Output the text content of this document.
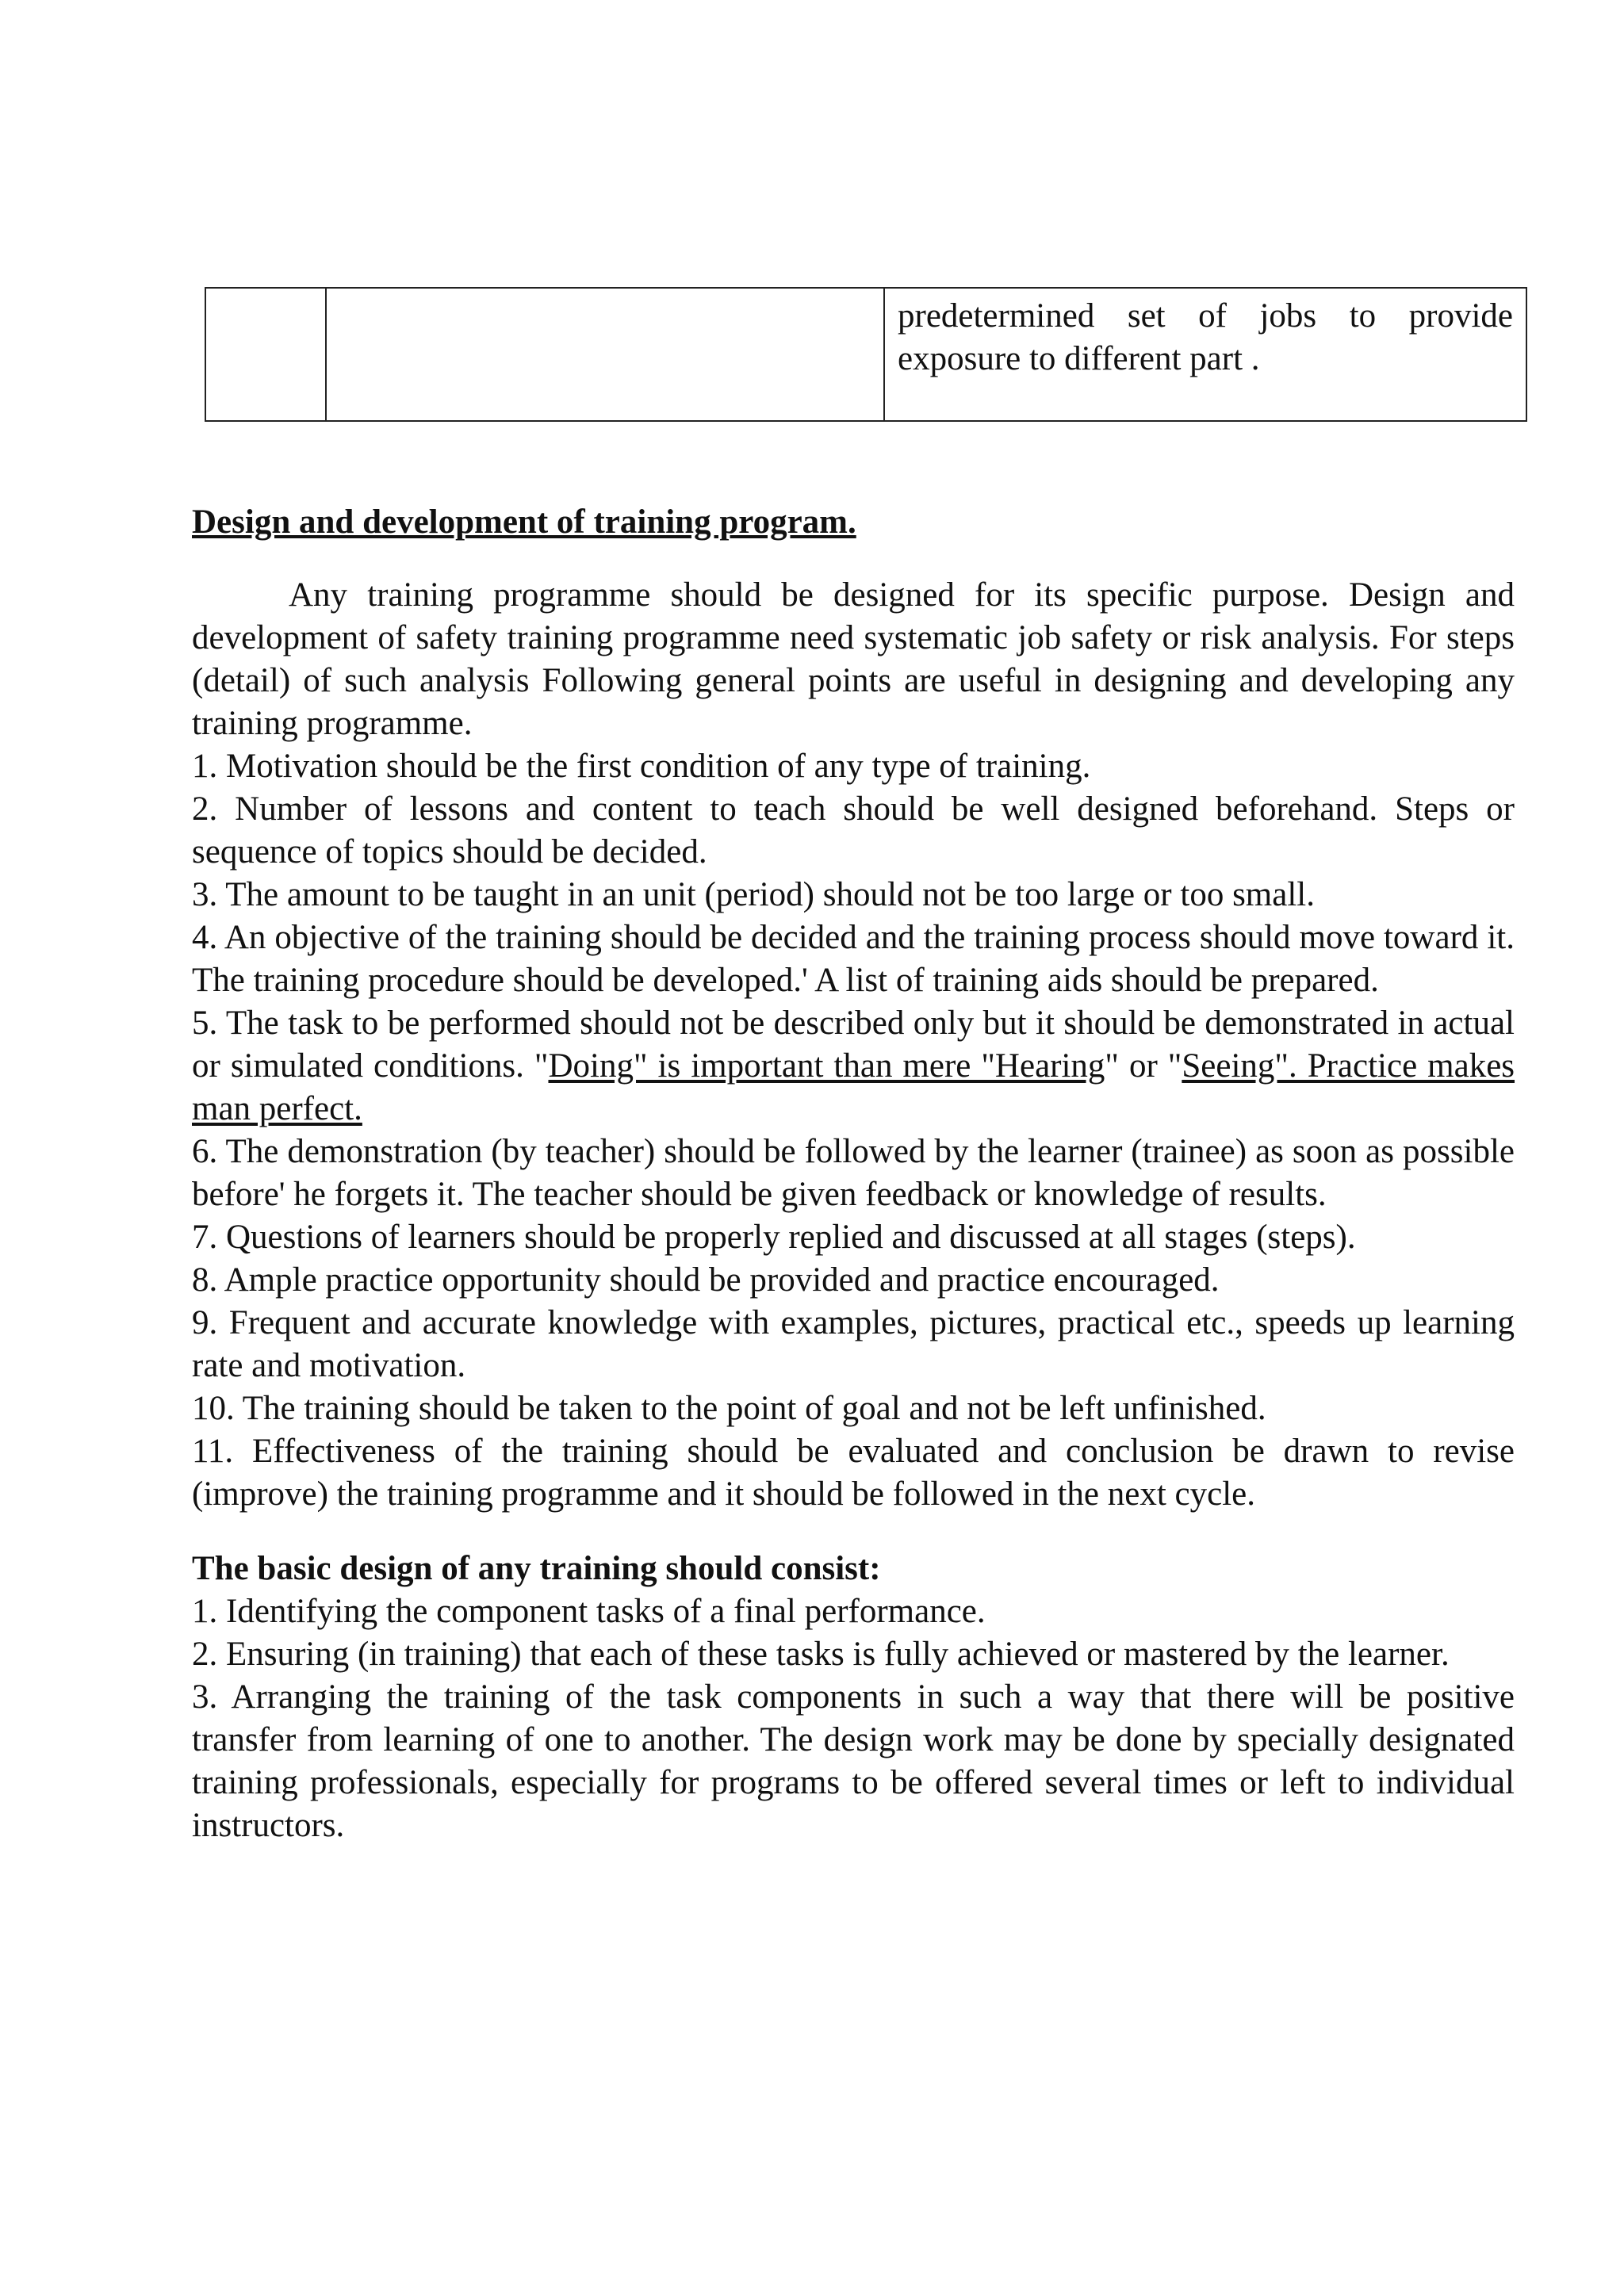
		predetermined set of jobs to provide exposure to different part .
Design and development of training program.

Any training programme should be designed for its specific purpose. Design and development of safety training programme need systematic job safety or risk analysis. For steps (detail) of such analysis Following general points are useful in designing and developing any training programme.

1. Motivation should be the first condition of any type of training.

2. Number of lessons and content to teach should be well designed beforehand. Steps or sequence of topics should be decided.

3. The amount to be taught in an unit (period) should not be too large or too small.

4. An objective of the training should be decided and the training process should move toward it. The training procedure should be developed.' A list of training aids should be prepared.

5. The task to be performed should not be described only but it should be demonstrated in actual or simulated conditions. "Doing" is important than mere "Hearing" or "Seeing". Practice makes man perfect.

6. The demonstration (by teacher) should be followed by the learner (trainee) as soon as possible before' he forgets it. The teacher should be given feedback or knowledge of results.

7. Questions of learners should be properly replied and discussed at all stages (steps).

8. Ample practice opportunity should be provided and practice encouraged.

9. Frequent and accurate knowledge with examples, pictures, practical etc., speeds up learning rate and motivation.

10. The training should be taken to the point of goal and not be left unfinished.

11. Effectiveness of the training should be evaluated and conclusion be drawn to revise (improve) the training programme and it should be followed in the next cycle.

The basic design of any training should consist:

1. Identifying the component tasks of a final performance.

2. Ensuring (in training) that each of these tasks is fully achieved or mastered by the learner.

3. Arranging the training of the task components in such a way that there will be positive transfer from learning of one to another. The design work may be done by specially designated training professionals, especially for programs to be offered several times or left to individual instructors.
